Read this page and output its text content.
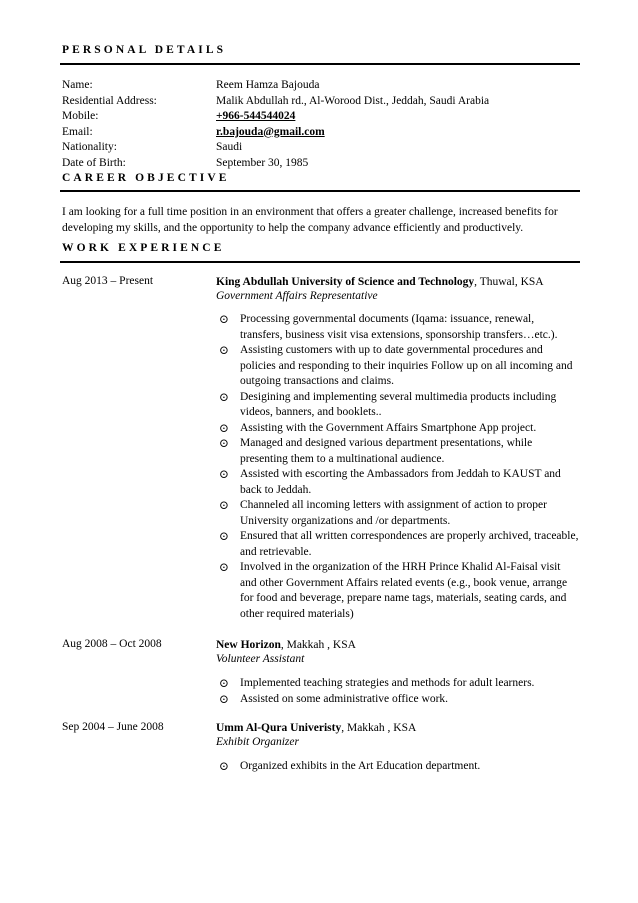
PERSONAL DETAILS
Name:	Reem Hamza Bajouda
Residential Address:	Malik Abdullah rd., Al-Worood Dist., Jeddah, Saudi Arabia
Mobile:	+966-544544024
Email:	r.bajouda@gmail.com
Nationality:	Saudi
Date of Birth:	September 30, 1985
CAREER OBJECTIVE
I am looking for a full time position in an environment that offers a greater challenge, increased benefits for developing my skills, and the opportunity to help the company advance efficiently and productively.
WORK EXPERIENCE
Aug 2013 – Present	King Abdullah University of Science and Technology, Thuwal, KSA
Government Affairs Representative
⊙ Processing governmental documents (Iqama: issuance, renewal, transfers, business visit visa extensions, sponsorship transfers…etc.).
⊙ Assisting customers with up to date governmental procedures and policies and responding to their inquiries Follow up on all incoming and outgoing transactions and claims.
⊙ Desigining and implementing several multimedia products including videos, banners, and booklets..
⊙ Assisting with the Government Affairs Smartphone App project.
⊙ Managed and designed various department presentations, while presenting them to a multinational audience.
⊙ Assisted with escorting the Ambassadors from Jeddah to KAUST and back to Jeddah.
⊙ Channeled all incoming letters with assignment of action to proper University organizations and /or departments.
⊙ Ensured that all written correspondences are properly archived, traceable, and retrievable.
⊙ Involved in the organization of the HRH Prince Khalid Al-Faisal visit and other Government Affairs related events (e.g., book venue, arrange for food and beverage, prepare name tags, materials, seating cards, and other required materials)
Aug 2008 – Oct 2008	New Horizon, Makkah , KSA
Volunteer Assistant
⊙ Implemented teaching strategies and methods for adult learners.
⊙ Assisted on some administrative office work.
Sep 2004 – June 2008	Umm Al-Qura Univeristy, Makkah , KSA
Exhibit Organizer
⊙ Organized exhibits in the Art Education department.
